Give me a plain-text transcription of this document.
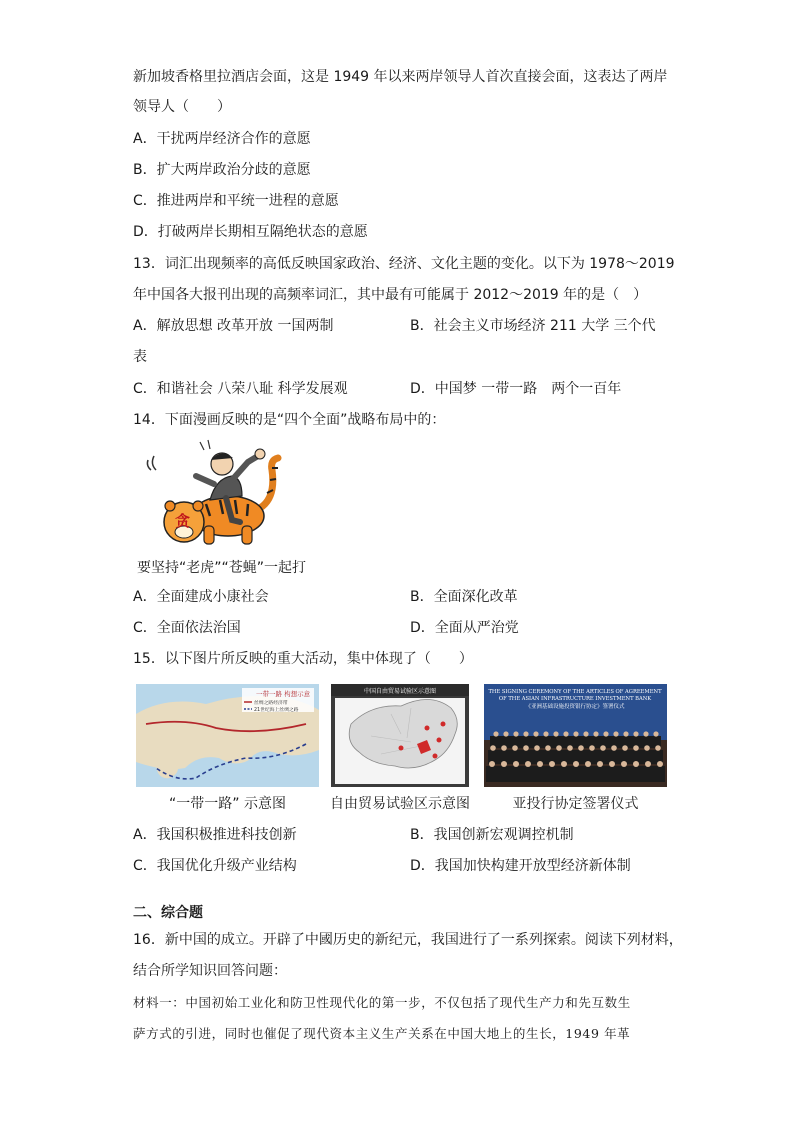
新加坡香格里拉酒店会面，这是 1949 年以来两岸领导人首次直接会面，这表达了两岸
领导人（　　）
A．干扰两岸经济合作的意愿
B．扩大两岸政治分歧的意愿
C．推进两岸和平统一进程的意愿
D．打破两岸长期相互隔绝状态的意愿
13．词汇出现频率的高低反映国家政治、经济、文化主题的变化。以下为 1978～2019
年中国各大报刊出现的高频率词汇，其中最有可能属于 2012～2019 年的是（　）
A．解放思想 改革开放 一国两制	B．社会主义市场经济 211 大学 三个代
表
C．和谐社会 八荣八耻 科学发展观	D．中国梦 一带一路　两个一百年
14．下面漫画反映的是“四个全面”战略布局中的：
贪
要坚持“老虎”“苍蝇”一起打
A．全面建成小康社会	B．全面深化改革
C．全面依法治国	D．全面从严治党
15．以下图片所反映的重大活动，集中体现了（　　）
一带一路 构想示意
丝绸之路经济带
21世纪海上丝绸之路
中国自由贸易试验区示意图	THE SIGNING CEREMONY OF THE ARTICLES OF AGREEMENT
OF THE ASIAN INFRASTRUCTURE INVESTMENT BANK
《亚洲基础设施投资银行协定》签署仪式
“一带一路” 示意图	自由贸易试验区示意图	亚投行协定签署仪式
A．我国积极推进科技创新	B．我国创新宏观调控机制
C．我国优化升级产业结构	D．我国加快构建开放型经济新体制
二、综合题
16．新中国的成立。开辟了中國历史的新纪元，我国进行了一系列探索。阅读下列材料，
结合所学知识回答问题：
材料一：中国初始工业化和防卫性现代化的第一步，不仅包括了现代生产力和先互数生
萨方式的引进，同时也催促了现代资本主义生产关系在中国大地上的生长，1949 年革
